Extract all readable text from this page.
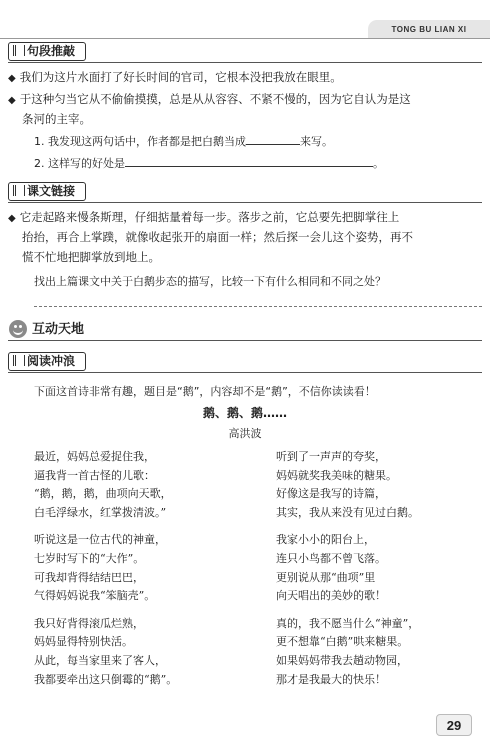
TONG BU LIAN XI
句段推敲

◆ 我们为这片水面打了好长时间的官司，它根本没把我放在眼里。

◆ 于这种匀当它从不偷偷摸摸，总是从从容容、不紧不慢的，因为它自认为是这

条河的主宰。

1. 我发现这两句话中，作者都是把白鹅当成	来写。

2. 这样写的好处是	。

课文链接

◆ 它走起路来慢条斯理，仔细掂量着每一步。落步之前，它总要先把脚掌往上

抬抬，再合上掌蹼，就像收起张开的扇面一样；然后探一会儿这个姿势，再不

慌不忙地把脚掌放到地上。

找出上篇课文中关于白鹅步态的描写，比较一下有什么相同和不同之处？

互动天地
阅读冲浪

下面这首诗非常有趣，题目是“鹅”，内容却不是“鹅”，不信你读读看！

鹅、鹅、鹅……
高洪波
最近，妈妈总爱捉住我，
逼我背一首古怪的儿歌：
“鹅，鹅，鹅，曲项向天歌，
白毛浮绿水，红掌拨清波。”
听说这是一位古代的神童，
七岁时写下的“大作”。
可我却背得结结巴巴，
气得妈妈说我“笨脑壳”。
我只好背得滚瓜烂熟，
妈妈显得特别快活。
从此，每当家里来了客人，
我都要牵出这只倒霉的“鹅”。
听到了一声声的夸奖，
妈妈就奖我美味的糖果。
好像这是我写的诗篇，
其实，我从来没有见过白鹅。
我家小小的阳台上，
连只小鸟都不曾飞落。
更别说从那“曲项”里
向天唱出的美妙的歌！
真的，我不愿当什么“神童”，
更不想靠“白鹅”哄来糖果。
如果妈妈带我去趟动物园，
那才是我最大的快乐！
29
